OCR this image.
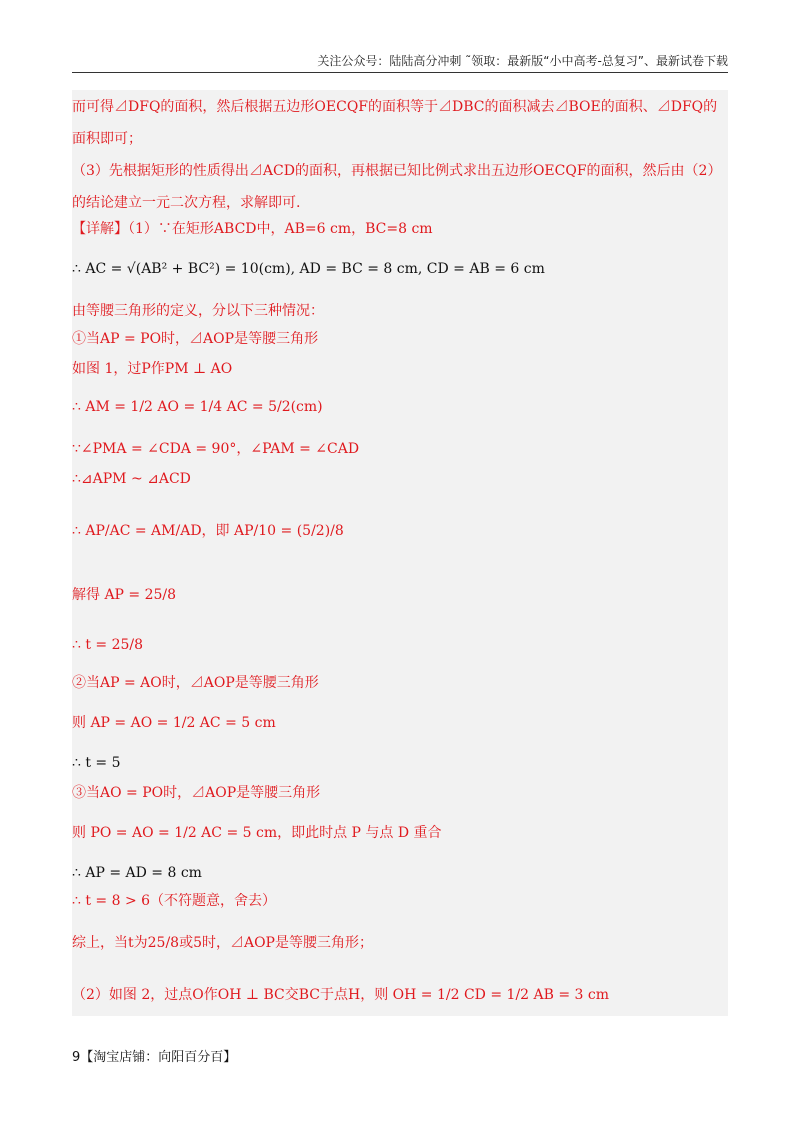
关注公众号：陆陆高分冲刺 ˜领取：最新版“小中高考-总复习”、最新试卷下载
而可得⊿DFQ的面积，然后根据五边形OECQF的面积等于⊿DBC的面积减去⊿BOE的面积、⊿DFQ的
面积即可；
（3）先根据矩形的性质得出⊿ACD的面积，再根据已知比例式求出五边形OECQF的面积，然后由（2）
的结论建立一元二次方程，求解即可.
【详解】（1）∵在矩形ABCD中，AB=6 cm，BC=8 cm
∴ AC = √(AB² + BC²) = 10(cm), AD = BC = 8 cm, CD = AB = 6 cm
由等腰三角形的定义，分以下三种情况：
①当AP = PO时，⊿AOP是等腰三角形
如图 1，过P作PM ⊥ AO
∴ AM = 1/2 AO = 1/4 AC = 5/2(cm)
∵∠PMA = ∠CDA = 90°，∠PAM = ∠CAD
∴⊿APM ~ ⊿ACD
∴ AP/AC = AM/AD，即 AP/10 = (5/2)/8
解得 AP = 25/8
∴ t = 25/8
②当AP = AO时，⊿AOP是等腰三角形
则 AP = AO = 1/2 AC = 5 cm
∴ t = 5
③当AO = PO时，⊿AOP是等腰三角形
则 PO = AO = 1/2 AC = 5 cm，即此时点 P 与点 D 重合
∴ AP = AD = 8 cm
∴ t = 8 > 6（不符题意，舍去）
综上，当t为25/8或5时，⊿AOP是等腰三角形；
（2）如图 2，过点O作OH ⊥ BC交BC于点H，则 OH = 1/2 CD = 1/2 AB = 3 cm
9【淘宝店铺：向阳百分百】
